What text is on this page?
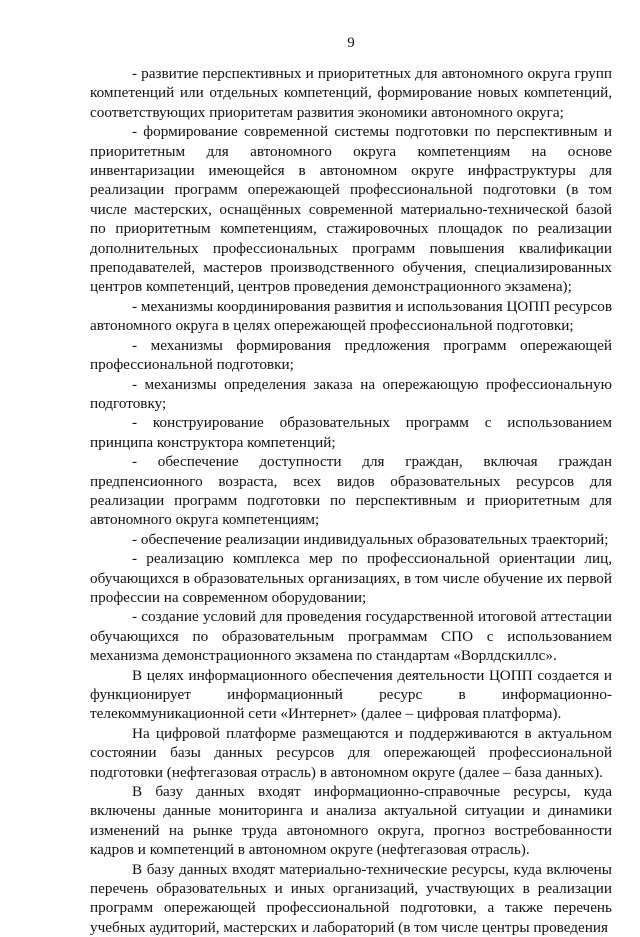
9

- развитие перспективных и приоритетных для автономного округа групп компетенций или отдельных компетенций, формирование новых компетенций, соответствующих приоритетам развития экономики автономного округа;

- формирование современной системы подготовки по перспективным и приоритетным для автономного округа компетенциям на основе инвентаризации имеющейся в автономном округе инфраструктуры для реализации программ опережающей профессиональной подготовки (в том числе мастерских, оснащённых современной материально-технической базой по приоритетным компетенциям, стажировочных площадок по реализации дополнительных профессиональных программ повышения квалификации преподавателей, мастеров производственного обучения, специализированных центров компетенций, центров проведения демонстрационного экзамена);

- механизмы координирования развития и использования ЦОПП ресурсов автономного округа в целях опережающей профессиональной подготовки;

- механизмы формирования предложения программ опережающей профессиональной подготовки;

- механизмы определения заказа на опережающую профессиональную подготовку;

- конструирование образовательных программ с использованием принципа конструктора компетенций;

- обеспечение доступности для граждан, включая граждан предпенсионного возраста, всех видов образовательных ресурсов для реализации программ подготовки по перспективным и приоритетным для автономного округа компетенциям;

- обеспечение реализации индивидуальных образовательных траекторий;

- реализацию комплекса мер по профессиональной ориентации лиц, обучающихся в образовательных организациях, в том числе обучение их первой профессии на современном оборудовании;

- создание условий для проведения государственной итоговой аттестации обучающихся по образовательным программам СПО с использованием механизма демонстрационного экзамена по стандартам «Ворлдскиллс».

В целях информационного обеспечения деятельности ЦОПП создается и функционирует информационный ресурс в информационно-телекоммуникационной сети «Интернет» (далее – цифровая платформа).

На цифровой платформе размещаются и поддерживаются в актуальном состоянии базы данных ресурсов для опережающей профессиональной подготовки (нефтегазовая отрасль) в автономном округе (далее – база данных).

В базу данных входят информационно-справочные ресурсы, куда включены данные мониторинга и анализа актуальной ситуации и динамики изменений на рынке труда автономного округа, прогноз востребованности кадров и компетенций в автономном округе (нефтегазовая отрасль).

В базу данных входят материально-технические ресурсы, куда включены перечень образовательных и иных организаций, участвующих в реализации программ опережающей профессиональной подготовки, а также перечень учебных аудиторий, мастерских и лабораторий (в том числе центры проведения
